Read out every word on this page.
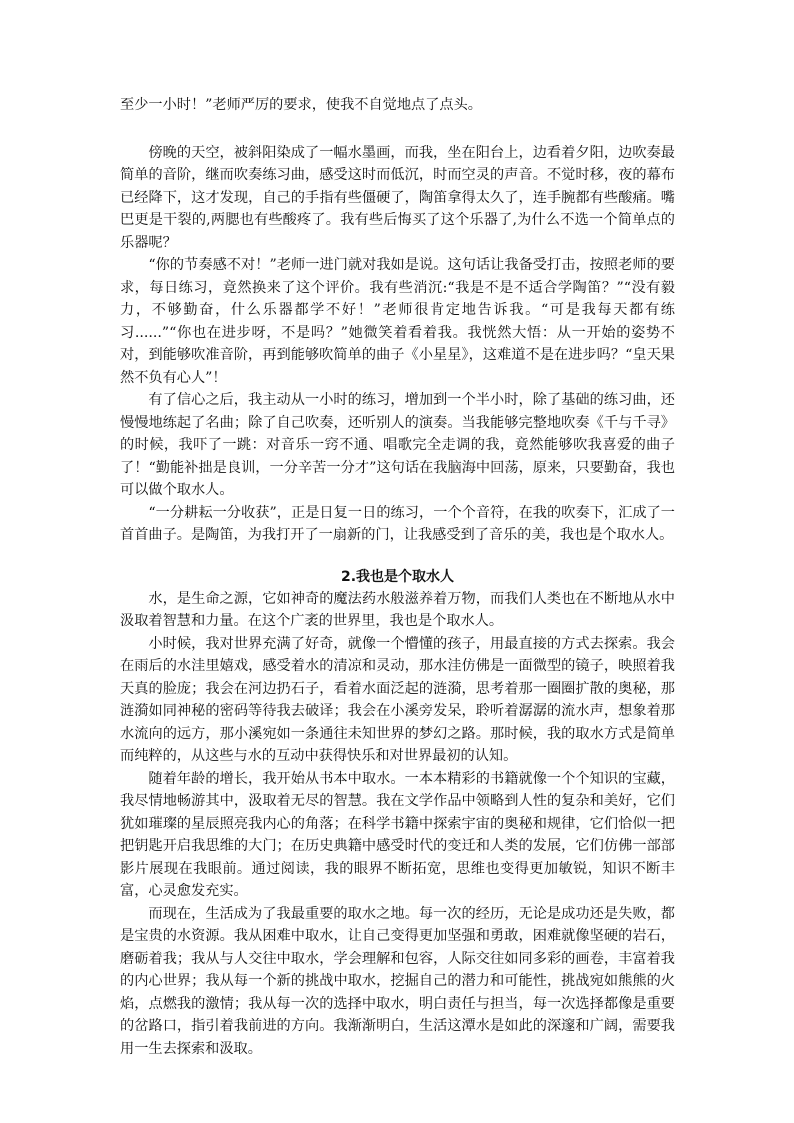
至少一小时！”老师严厉的要求，使我不自觉地点了点头。

傍晚的天空，被斜阳染成了一幅水墨画，而我，坐在阳台上，边看着夕阳，边吹奏最简单的音阶，继而吹奏练习曲，感受这时而低沉，时而空灵的声音。不觉时移，夜的幕布已经降下，这才发现，自己的手指有些僵硬了，陶笛拿得太久了，连手腕都有些酸痛。嘴巴更是干裂的,两腮也有些酸疼了。我有些后悔买了这个乐器了,为什么不选一个简单点的乐器呢？

“你的节奏感不对！”老师一进门就对我如是说。这句话让我备受打击，按照老师的要求，每日练习，竟然换来了这个评价。我有些消沉:“我是不是不适合学陶笛？”“没有毅力，不够勤奋，什么乐器都学不好！”老师很肯定地告诉我。“可是我每天都有练习......”“你也在进步呀，不是吗？”她微笑着看着我。我恍然大悟：从一开始的姿势不对，到能够吹准音阶，再到能够吹简单的曲子《小星星》，这难道不是在进步吗？“皇天果然不负有心人”！

有了信心之后，我主动从一小时的练习，增加到一个半小时，除了基础的练习曲，还慢慢地练起了名曲；除了自己吹奏，还听别人的演奏。当我能够完整地吹奏《千与千寻》的时候，我吓了一跳：对音乐一窍不通、唱歌完全走调的我，竟然能够吹我喜爱的曲子了！“勤能补拙是良训，一分辛苦一分才”这句话在我脑海中回荡，原来，只要勤奋，我也可以做个取水人。

“一分耕耘一分收获”，正是日复一日的练习，一个个音符，在我的吹奏下，汇成了一首首曲子。是陶笛，为我打开了一扇新的门，让我感受到了音乐的美，我也是个取水人。

2.我也是个取水人

水，是生命之源，它如神奇的魔法药水般滋养着万物，而我们人类也在不断地从水中汲取着智慧和力量。在这个广袤的世界里，我也是个取水人。

小时候，我对世界充满了好奇，就像一个懵懂的孩子，用最直接的方式去探索。我会在雨后的水洼里嬉戏，感受着水的清凉和灵动，那水洼仿佛是一面微型的镜子，映照着我天真的脸庞；我会在河边扔石子，看着水面泛起的涟漪，思考着那一圈圈扩散的奥秘，那涟漪如同神秘的密码等待我去破译；我会在小溪旁发呆，聆听着潺潺的流水声，想象着那水流向的远方，那小溪宛如一条通往未知世界的梦幻之路。那时候，我的取水方式是简单而纯粹的，从这些与水的互动中获得快乐和对世界最初的认知。

随着年龄的增长，我开始从书本中取水。一本本精彩的书籍就像一个个知识的宝藏，我尽情地畅游其中，汲取着无尽的智慧。我在文学作品中领略到人性的复杂和美好，它们犹如璀璨的星辰照亮我内心的角落；在科学书籍中探索宇宙的奥秘和规律，它们恰似一把把钥匙开启我思维的大门；在历史典籍中感受时代的变迁和人类的发展，它们仿佛一部部影片展现在我眼前。通过阅读，我的眼界不断拓宽，思维也变得更加敏锐，知识不断丰富，心灵愈发充实。

而现在，生活成为了我最重要的取水之地。每一次的经历，无论是成功还是失败，都是宝贵的水资源。我从困难中取水，让自己变得更加坚强和勇敢，困难就像坚硬的岩石，磨砺着我；我从与人交往中取水，学会理解和包容，人际交往如同多彩的画卷，丰富着我的内心世界；我从每一个新的挑战中取水，挖掘自己的潜力和可能性，挑战宛如熊熊的火焰，点燃我的激情；我从每一次的选择中取水，明白责任与担当，每一次选择都像是重要的岔路口，指引着我前进的方向。我渐渐明白，生活这潭水是如此的深邃和广阔，需要我用一生去探索和汲取。
